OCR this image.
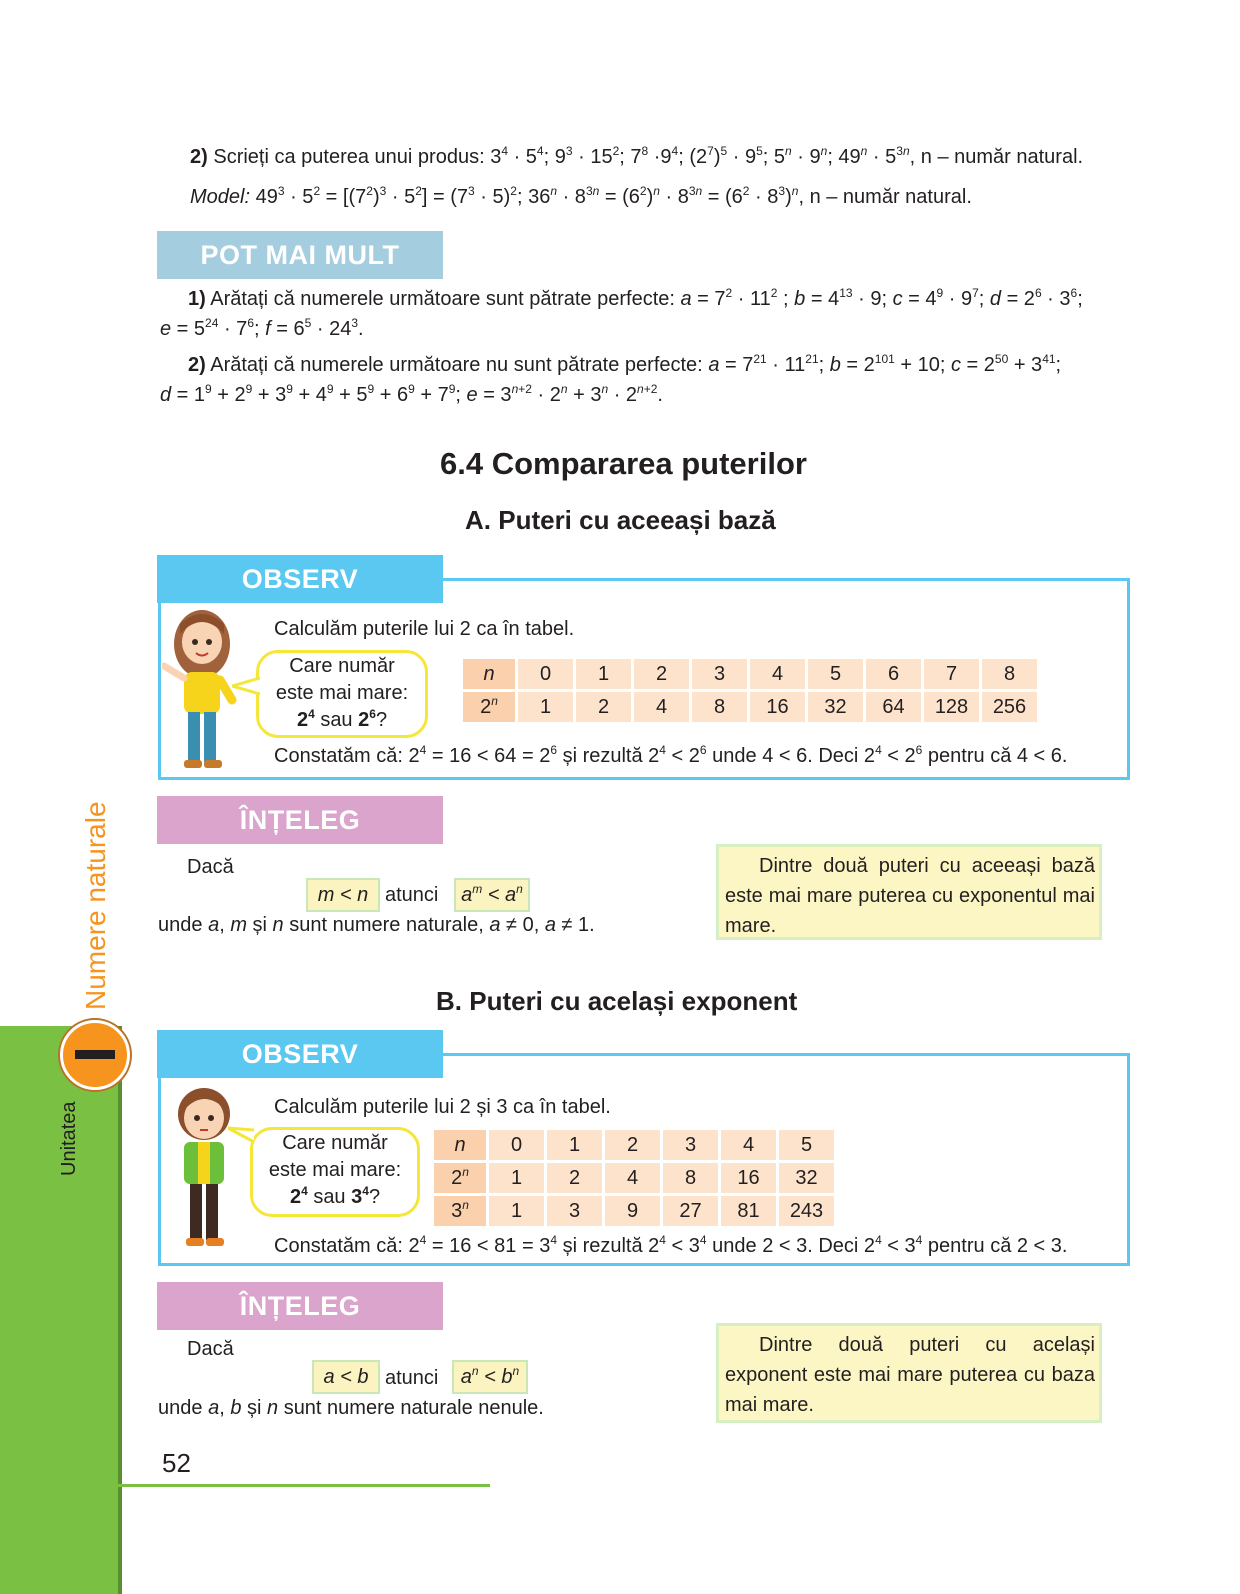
Unitatea
Numere naturale
2) Scrieți ca puterea unui produs: $3^4 \cdot 5^4$; $9^3 \cdot 15^2$; $7^8 \cdot 9^4$; $(2^7)^5 \cdot 9^5$; $5^n \cdot 9^n$; $49^n \cdot 5^{3n}$, n – număr natural.
Model: $49^3 \cdot 5^2 = [(7^2)^3 \cdot 5^2] = (7^3 \cdot 5)^2$; $36^n \cdot 8^{3n} = (6^2)^n \cdot 8^{3n} = (6^2 \cdot 8^3)^n$, n – număr natural.
POT MAI MULT
1) Arătați că numerele următoare sunt pătrate perfecte: $a = 7^2 \cdot 11^2$ ; $b = 4^{13} \cdot 9$; $c = 4^9 \cdot 9^7$; $d = 2^6 \cdot 3^6$;
$e = 5^{24} \cdot 7^6$; $f = 6^5 \cdot 24^3$.
2) Arătați că numerele următoare nu sunt pătrate perfecte: $a = 7^{21} \cdot 11^{21}$; $b = 2^{101} + 10$; $c = 2^{50} + 3^{41}$;
$d = 1^9 + 2^9 + 3^9 + 4^9 + 5^9 + 6^9 + 7^9$; $e = 3^{n+2} \cdot 2^n + 3^n \cdot 2^{n+2}$.
6.4 Compararea puterilor
A. Puteri cu aceeași bază
OBSERV
Calculăm puterile lui 2 ca în tabel.
Care număr
este mai mare:
$2^4$ sau $2^6$?
n	0	1	2	3	4	5	6	7	8
2$^n$	1	2	4	8	16	32	64	128	256
Constatăm că: $2^4 = 16 < 64 = 2^6$ și rezultă $2^4 < 2^6$ unde 4 < 6. Deci $2^4 < 2^6$ pentru că 4 < 6.
ÎNȚELEG
Dacă
m < n atunci	$a^m < a^n$
unde a, m și n sunt numere naturale, a ≠ 0, a ≠ 1.
Dintre două puteri cu aceeași bază este mai mare puterea cu exponentul mai mare.
B. Puteri cu același exponent
OBSERV
Calculăm puterile lui 2 și 3 ca în tabel.
Care număr
este mai mare:
$2^4$ sau $3^4$?
n	0	1	2	3	4	5
2$^n$	1	2	4	8	16	32
3$^n$	1	3	9	27	81	243
Constatăm că: $2^4 = 16 < 81 = 3^4$ și rezultă $2^4 < 3^4$ unde 2 < 3. Deci $2^4 < 3^4$ pentru că 2 < 3.
ÎNȚELEG
Dacă
a < b atunci	$a^n < b^n$
unde a, b și n sunt numere naturale nenule.
Dintre două puteri cu același exponent este mai mare puterea cu baza mai mare.
52
